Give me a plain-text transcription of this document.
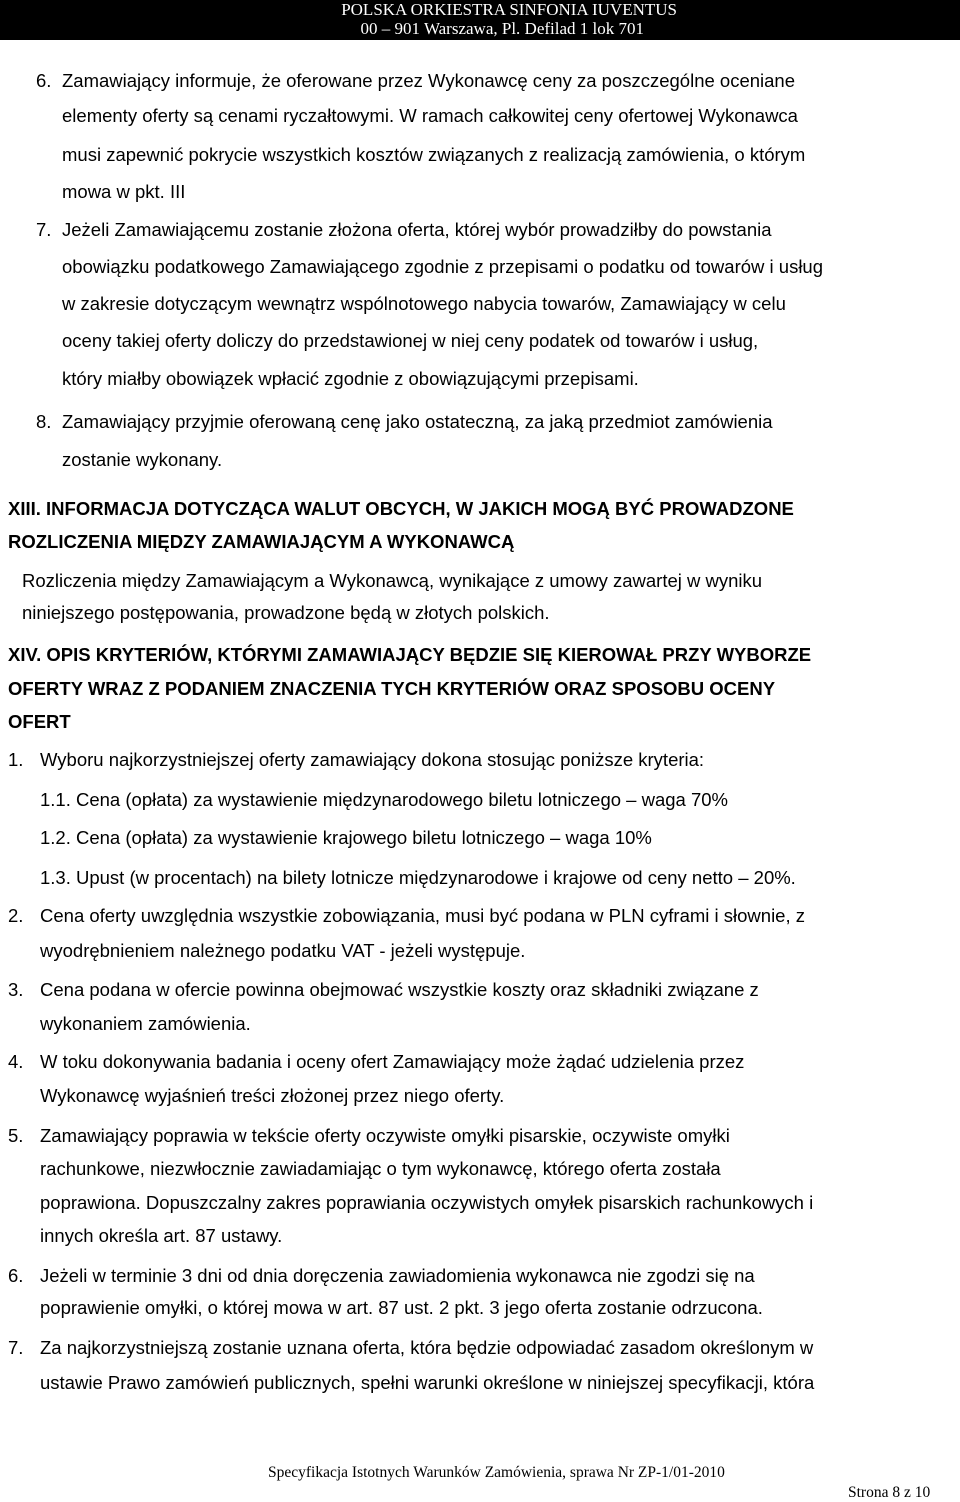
POLSKA ORKIESTRA SINFONIA IUVENTUS
00 – 901 Warszawa, Pl. Defilad 1 lok 701
6. Zamawiający informuje, że oferowane przez Wykonawcę ceny za poszczególne oceniane
elementy oferty są cenami ryczałtowymi. W ramach całkowitej ceny ofertowej Wykonawca
musi zapewnić pokrycie wszystkich kosztów związanych z realizacją zamówienia, o którym
mowa w pkt. III
7. Jeżeli Zamawiającemu zostanie złożona oferta, której wybór prowadziłby do powstania
obowiązku podatkowego Zamawiającego zgodnie z przepisami o podatku od towarów i usług
w zakresie dotyczącym wewnątrz wspólnotowego nabycia towarów, Zamawiający w celu
oceny takiej oferty doliczy do przedstawionej w niej ceny podatek od towarów i usług,
który miałby obowiązek wpłacić zgodnie z obowiązującymi przepisami.
8. Zamawiający przyjmie oferowaną cenę jako ostateczną, za jaką przedmiot zamówienia
zostanie wykonany.
XIII. INFORMACJA DOTYCZĄCA WALUT OBCYCH, W JAKICH MOGĄ BYĆ PROWADZONE
ROZLICZENIA MIĘDZY ZAMAWIAJĄCYM A WYKONAWCĄ
Rozliczenia między Zamawiającym a Wykonawcą, wynikające z umowy zawartej w wyniku
niniejszego postępowania, prowadzone będą w złotych polskich.
XIV. OPIS KRYTERIÓW, KTÓRYMI ZAMAWIAJĄCY BĘDZIE SIĘ KIEROWAŁ PRZY WYBORZE
OFERTY WRAZ Z PODANIEM ZNACZENIA TYCH KRYTERIÓW ORAZ SPOSOBU OCENY
OFERT
1. Wyboru najkorzystniejszej oferty zamawiający dokona stosując poniższe kryteria:
1.1. Cena (opłata) za wystawienie międzynarodowego biletu lotniczego – waga 70%
1.2. Cena (opłata) za wystawienie krajowego biletu lotniczego – waga 10%
1.3. Upust (w procentach) na bilety lotnicze międzynarodowe i krajowe od ceny netto – 20%.
2. Cena oferty uwzględnia wszystkie zobowiązania, musi być podana w PLN cyframi i słownie, z
wyodrębnieniem należnego podatku VAT - jeżeli występuje.
3. Cena podana w ofercie powinna obejmować wszystkie koszty oraz składniki związane z
wykonaniem zamówienia.
4. W toku dokonywania badania i oceny ofert Zamawiający może żądać udzielenia przez
Wykonawcę wyjaśnień treści złożonej przez niego oferty.
5. Zamawiający poprawia w tekście oferty oczywiste omyłki pisarskie, oczywiste omyłki
rachunkowe, niezwłocznie zawiadamiając o tym wykonawcę, którego oferta została
poprawiona. Dopuszczalny zakres poprawiania oczywistych omyłek pisarskich rachunkowych i
innych określa art. 87 ustawy.
6. Jeżeli w terminie 3 dni od dnia doręczenia zawiadomienia wykonawca nie zgodzi się na
poprawienie omyłki, o której mowa w art. 87 ust. 2 pkt. 3 jego oferta zostanie odrzucona.
7. Za najkorzystniejszą zostanie uznana oferta, która będzie odpowiadać zasadom określonym w
ustawie Prawo zamówień publicznych, spełni warunki określone w niniejszej specyfikacji, która
Specyfikacja Istotnych Warunków Zamówienia, sprawa Nr ZP-1/01-2010
Strona 8 z 10
